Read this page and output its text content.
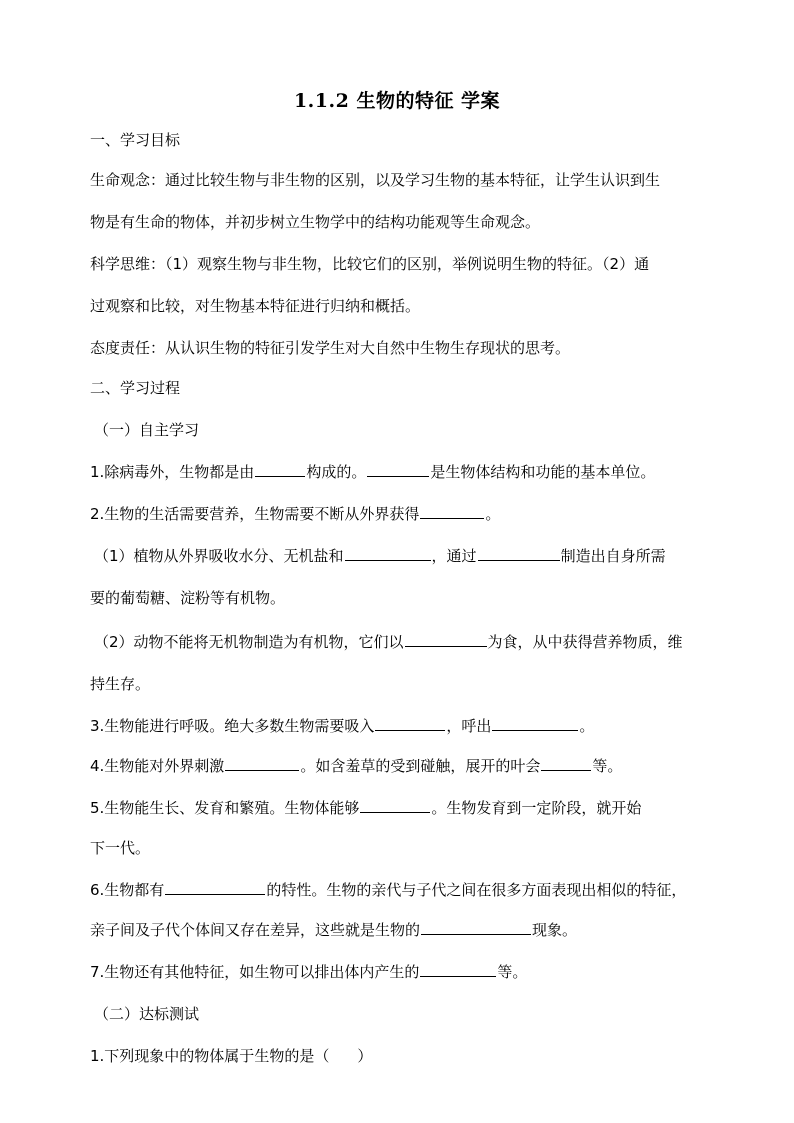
1.1.2 生物的特征 学案
一、学习目标
生命观念：通过比较生物与非生物的区别，以及学习生物的基本特征，让学生认识到生
物是有生命的物体，并初步树立生物学中的结构功能观等生命观念。
科学思维：（1）观察生物与非生物，比较它们的区别，举例说明生物的特征。（2）通
过观察和比较，对生物基本特征进行归纳和概括。
态度责任：从认识生物的特征引发学生对大自然中生物生存现状的思考。
二、学习过程
（一）自主学习
1.除病毒外，生物都是由	构成的。	是生物体结构和功能的基本单位。
2.生物的生活需要营养，生物需要不断从外界获得	。
（1）植物从外界吸收水分、无机盐和	，通过	制造出自身所需
要的葡萄糖、淀粉等有机物。
（2）动物不能将无机物制造为有机物，它们以	为食，从中获得营养物质，维
持生存。
3.生物能进行呼吸。绝大多数生物需要吸入	，呼出	。
4.生物能对外界刺激	。如含羞草的受到碰触，展开的叶会	等。
5.生物能生长、发育和繁殖。生物体能够	。生物发育到一定阶段，就开始
下一代。
6.生物都有	的特性。生物的亲代与子代之间在很多方面表现出相似的特征，
亲子间及子代个体间又存在差异，这些就是生物的	现象。
7.生物还有其他特征，如生物可以排出体内产生的	等。
（二）达标测试
1.下列现象中的物体属于生物的是（ ）
